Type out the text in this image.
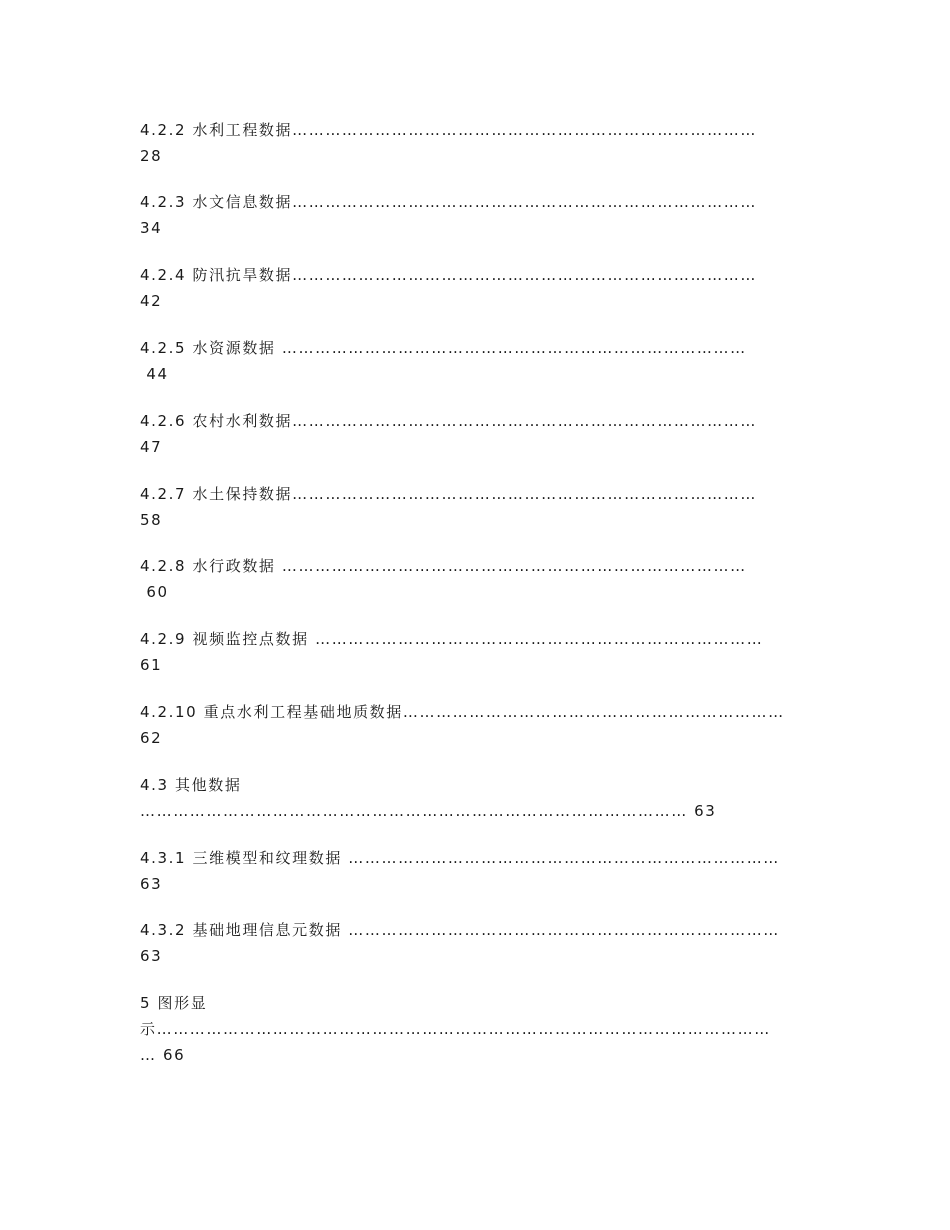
4.2.2 水利工程数据…………………………………………………………………………
28
4.2.3 水文信息数据…………………………………………………………………………
34
4.2.4 防汛抗旱数据…………………………………………………………………………
42
4.2.5 水资源数据 …………………………………………………………………………
44
4.2.6 农村水利数据…………………………………………………………………………
47
4.2.7 水土保持数据…………………………………………………………………………
58
4.2.8 水行政数据 …………………………………………………………………………
60
4.2.9 视频监控点数据 ………………………………………………………………………
61
4.2.10 重点水利工程基础地质数据……………………………………………………………
62
4.3 其他数据
……………………………………………………………………………………… 63
4.3.1 三维模型和纹理数据 ……………………………………………………………………
63
4.3.2 基础地理信息元数据 ……………………………………………………………………
63
5 图形显
示…………………………………………………………………………………………………
… 66
